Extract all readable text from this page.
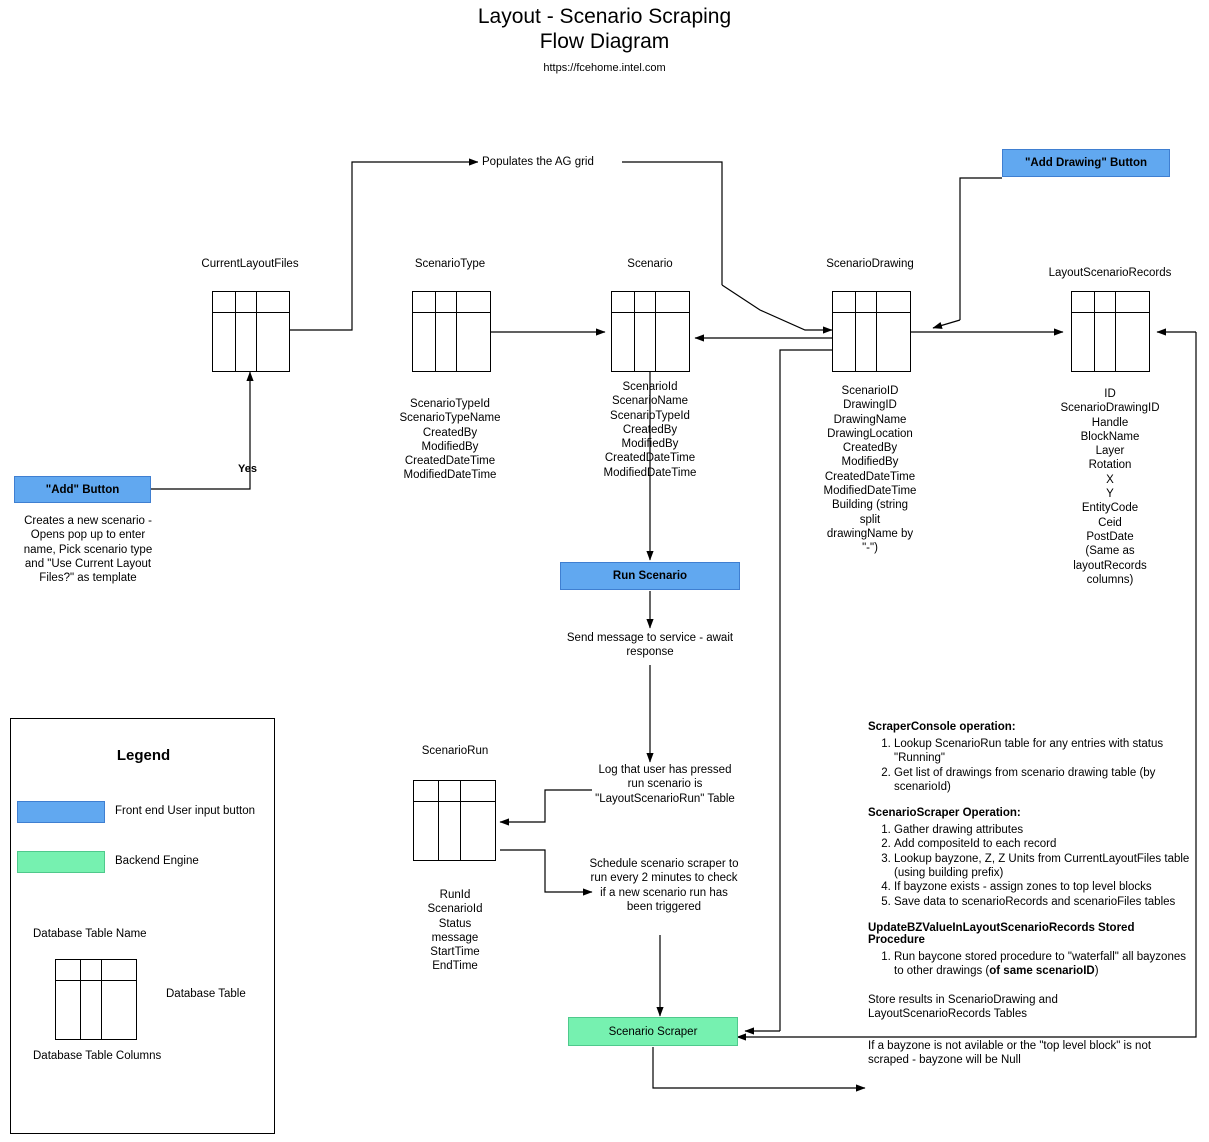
Layout - Scenario Scraping
Flow Diagram
https://fcehome.intel.com
Populates the AG grid	"Add Drawing" Button
CurrentLayoutFiles	ScenarioType
ScenarioTypeId
ScenarioTypeName
CreatedBy
ModifiedBy
CreatedDateTime
ModifiedDateTime
Scenario
ScenarioId
ScenarioName
ScenarioTypeId
CreatedBy
ModifiedBy
CreatedDateTime
ModifiedDateTime
ScenarioDrawing
ScenarioID
DrawingID
DrawingName
DrawingLocation
CreatedBy
ModifiedBy
CreatedDateTime
ModifiedDateTime
Building (string
split
drawingName by
"-")
LayoutScenarioRecords
ID
ScenarioDrawingID
Handle
BlockName
Layer
Rotation
X
Y
EntityCode
Ceid
PostDate
(Same as
layoutRecords
columns)
Yes
"Add" Button
Creates a new scenario - Opens pop up to enter name, Pick scenario type and "Use Current Layout Files?" as template	Run Scenario
Send message to service - await response
Log that user has pressed run scenario is "LayoutScenarioRun" Table
Schedule scenario scraper to run every 2 minutes to check if a new scenario run has been triggered
ScenarioRun
RunId
ScenarioId
Status
message
StartTime
EndTime
Scenario Scraper
ScraperConsole operation:
1. Lookup ScenarioRun table for any entries with status "Running"
2. Get list of drawings from scenario drawing table (by scenarioId)
ScenarioScraper Operation:
1. Gather drawing attributes
2. Add compositeId to each record
3. Lookup bayzone, Z, Z Units from CurrentLayoutFiles table (using building prefix)
4. If bayzone exists - assign zones to top level blocks
5. Save data to scenarioRecords and scenarioFiles tables
UpdateBZValueInLayoutScenarioRecords Stored Procedure
1. Run baycone stored procedure to "waterfall" all bayzones to other drawings (of same scenarioID)
Store results in ScenarioDrawing and LayoutScenarioRecords Tables
If a bayzone is not avilable or the "top level block" is not scraped - bayzone will be Null
Legend
Front end User input button
Backend Engine
Database Table Name
Database Table
Database Table Columns
